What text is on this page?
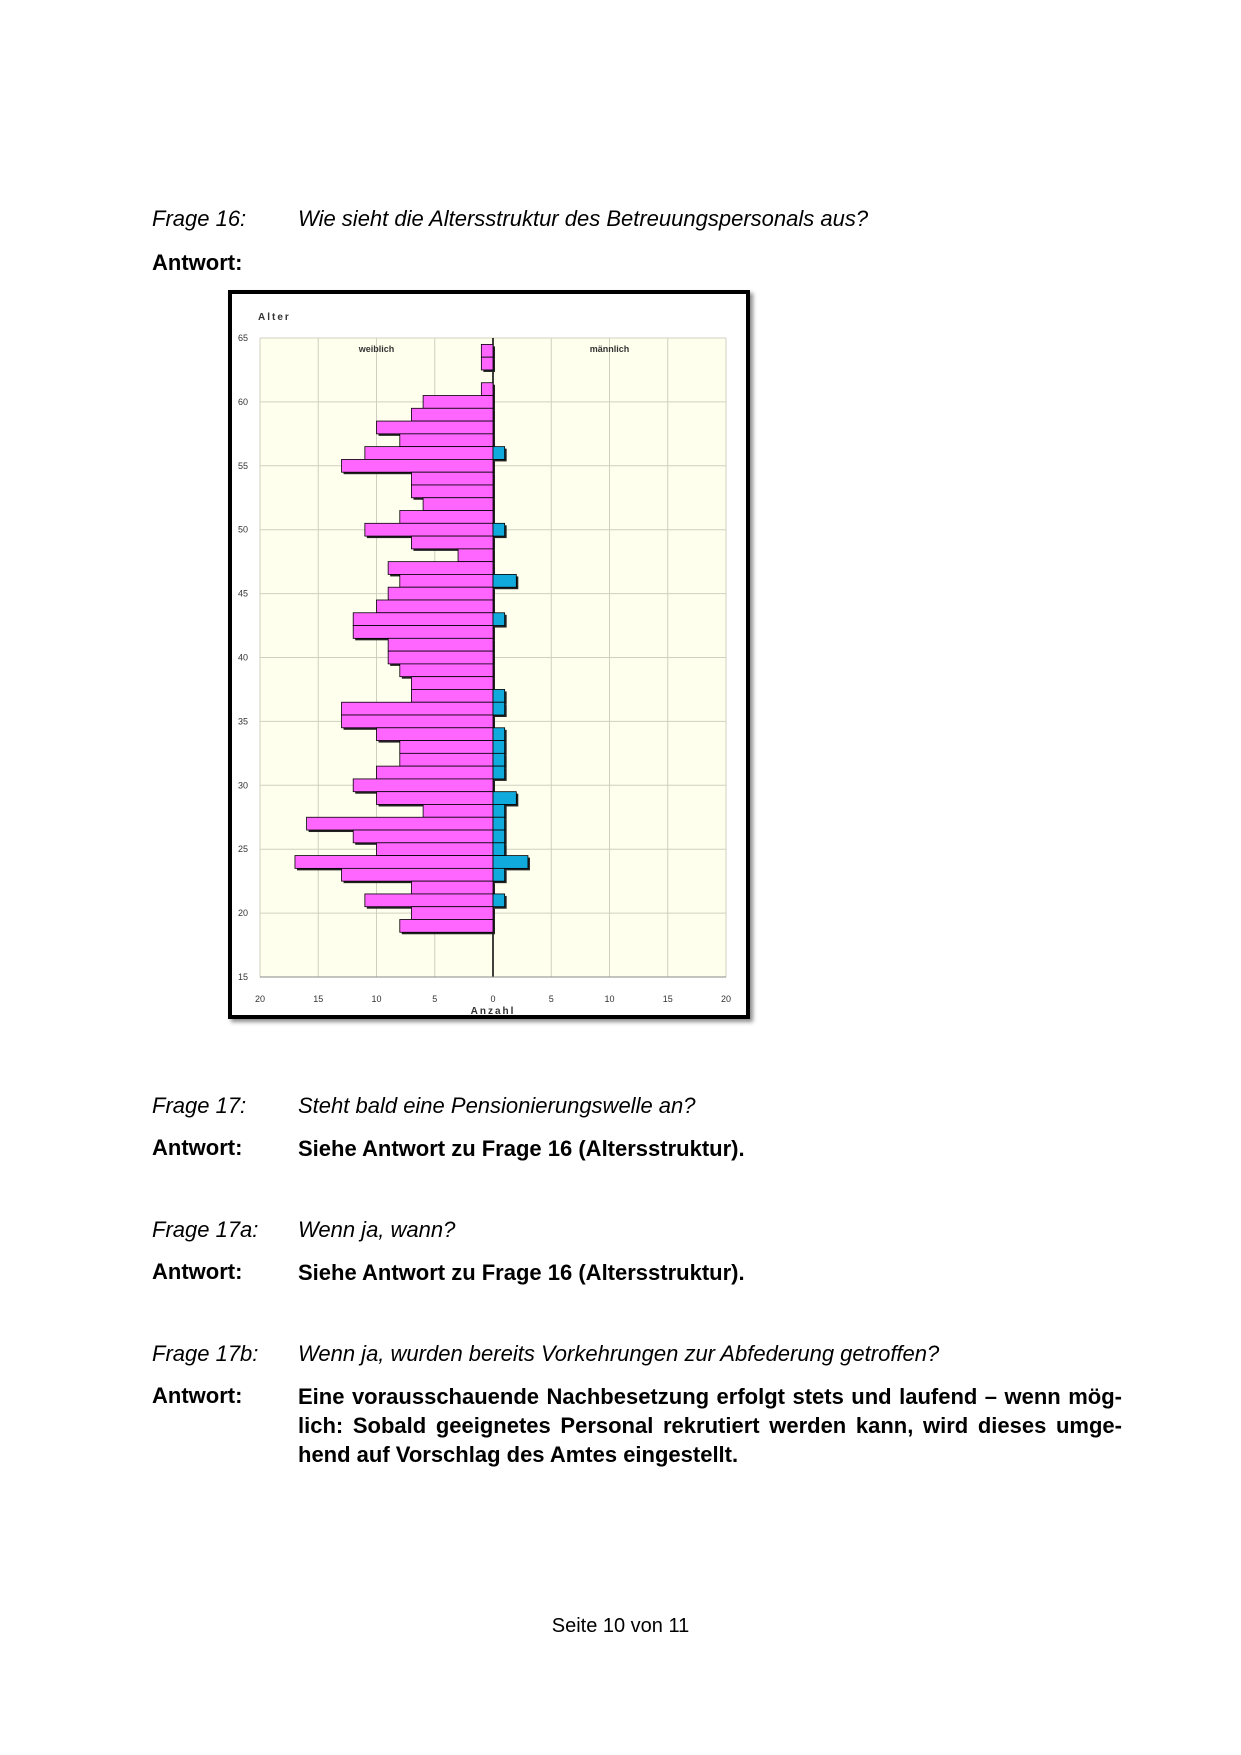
Frage 16: Wie sieht die Altersstruktur des Betreuungspersonals aus?
Antwort:
15
20
25
30
35
40
45
50
55
60
65
20	15	10	5	0	5	10	15	20
Alter
Anzahl
weiblich	männlich
Frage 17: Steht bald eine Pensionierungswelle an?
Antwort:	Siehe Antwort zu Frage 16 (Altersstruktur).
Frage 17a: Wenn ja, wann?
Antwort:	Siehe Antwort zu Frage 16 (Altersstruktur).
Frage 17b: Wenn ja, wurden bereits Vorkehrungen zur Abfederung getroffen?
Antwort:	Eine vorausschauende Nachbesetzung erfolgt stets und laufend – wenn mög-lich: Sobald geeignetes Personal rekrutiert werden kann, wird dieses umge-hend auf Vorschlag des Amtes eingestellt.
Seite 10 von 11
